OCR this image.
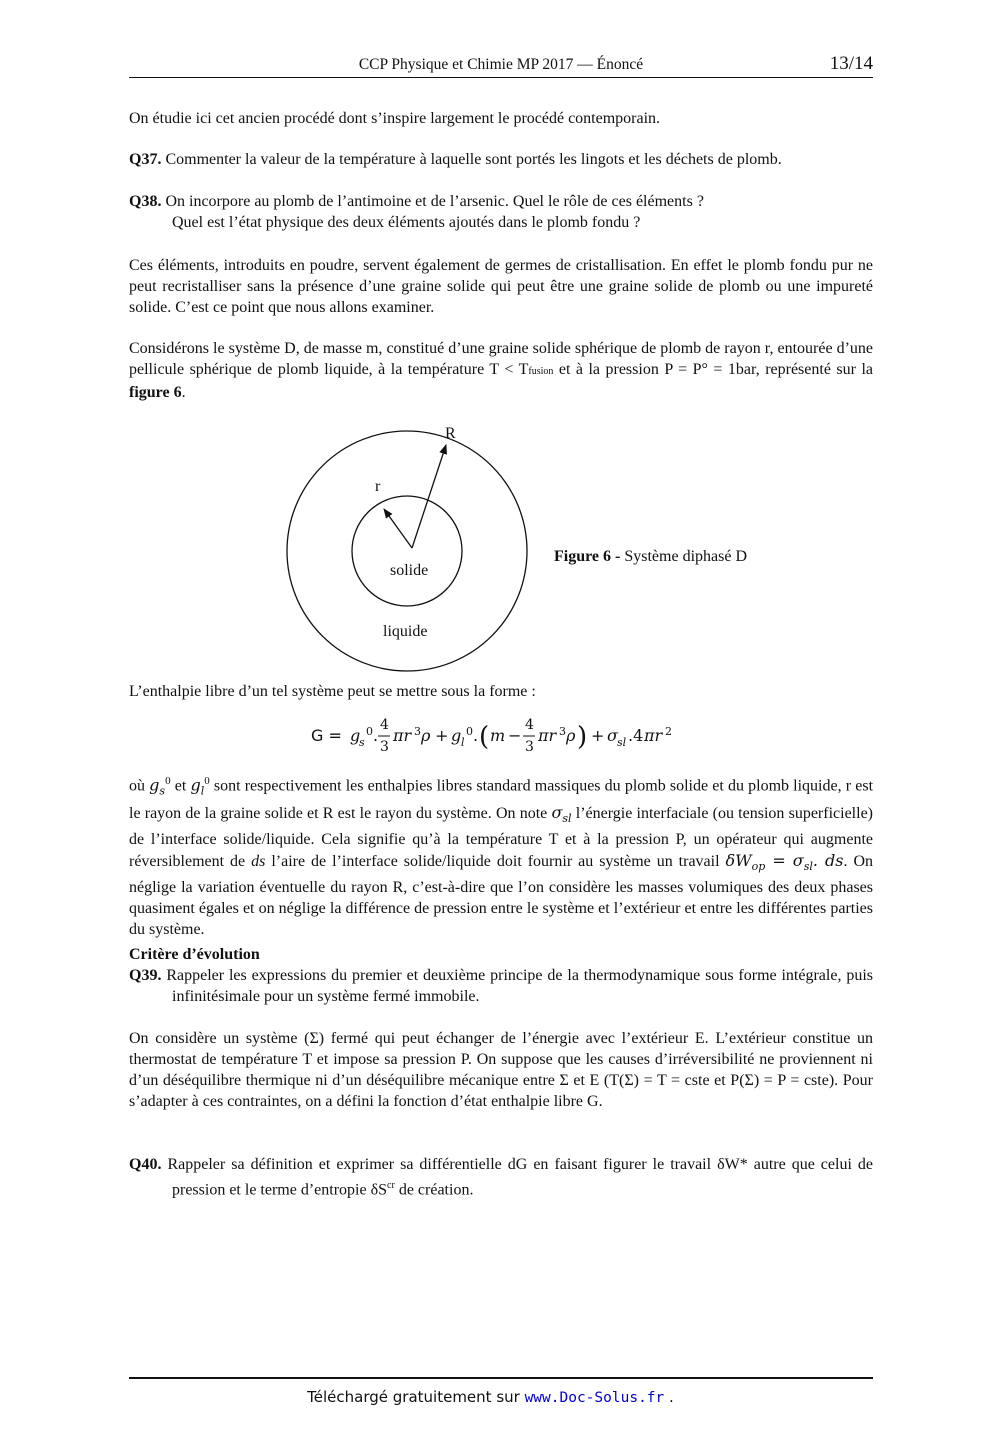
CCP Physique et Chimie MP 2017 — Énoncé	13/14

On étudie ici cet ancien procédé dont s’inspire largement le procédé contemporain.

Q37. Commenter la valeur de la température à laquelle sont portés les lingots et les déchets de plomb.
Q38. On incorpore au plomb de l’antimoine et de l’arsenic. Quel le rôle de ces éléments ?
Quel est l’état physique des deux éléments ajoutés dans le plomb fondu ?

Ces éléments, introduits en poudre, servent également de germes de cristallisation. En effet le plomb fondu pur ne peut recristalliser sans la présence d’une graine solide qui peut être une graine solide de plomb ou une impureté solide. C’est ce point que nous allons examiner.

Considérons le système D, de masse m, constitué d’une graine solide sphérique de plomb de rayon r, entourée d’une pellicule sphérique de plomb liquide, à la température T < Tfusion et à la pression P = P° = 1bar, représenté sur la figure 6.

R
r
solide
liquide
Figure 6 - Système diphasé D

L’enthalpie libre d’un tel système peut se mettre sous la forme :

G = g
s
0 .
4
3
πr 3 ρ + g l
0 . ( m −
4
3
πr 3 ρ ) + σ sl .4 πr 2

où $g_s^0$ et $g_l^0$ sont respectivement les enthalpies libres standard massiques du plomb solide et du plomb liquide, r est le rayon de la graine solide et R est le rayon du système. On note $\sigma_{sl}$ l’énergie interfaciale (ou tension superficielle) de l’interface solide/liquide. Cela signifie qu’à la température T et à la pression P, un opérateur qui augmente réversiblement de ds l’aire de l’interface solide/liquide doit fournir au système un travail $\delta W_{op} = \sigma_{sl}$. ds. On néglige la variation éventuelle du rayon R, c’est-à-dire que l’on considère les masses volumiques des deux phases quasiment égales et on néglige la différence de pression entre le système et l’extérieur et entre les différentes parties du système.

Critère d’évolution

Q39. Rappeler les expressions du premier et deuxième principe de la thermodynamique sous forme intégrale, puis infinitésimale pour un système fermé immobile.

On considère un système (Σ) fermé qui peut échanger de l’énergie avec l’extérieur E. L’extérieur constitue un thermostat de température T et impose sa pression P. On suppose que les causes d’irréversibilité ne proviennent ni d’un déséquilibre thermique ni d’un déséquilibre mécanique entre Σ et E (T(Σ) = T = cste et P(Σ) = P = cste). Pour s’adapter à ces contraintes, on a défini la fonction d’état enthalpie libre G.

Q40. Rappeler sa définition et exprimer sa différentielle dG en faisant figurer le travail δW* autre que celui de pression et le terme d’entropie $\delta S^{cr}$ de création.
Téléchargé gratuitement sur www.Doc-Solus.fr .
